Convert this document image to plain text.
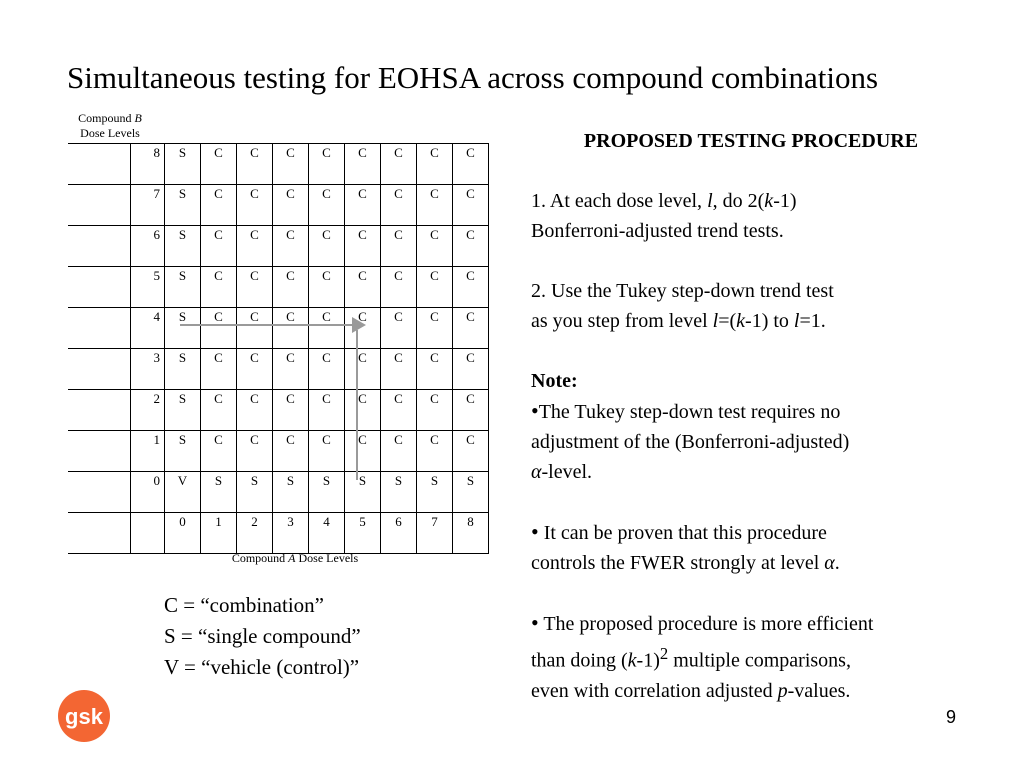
Simultaneous testing for EOHSA across compound combinations
Compound B
Dose Levels
	8	S	C	C	C	C	C	C	C	C
	7	S	C	C	C	C	C	C	C	C
	6	S	C	C	C	C	C	C	C	C
	5	S	C	C	C	C	C	C	C	C
	4	S	C	C	C	C	C	C	C	C
	3	S	C	C	C	C	C	C	C	C
	2	S	C	C	C	C	C	C	C	C
	1	S	C	C	C	C	C	C	C	C
	0	V	S	S	S	S	S	S	S	S
		0	1	2	3	4	5	6	7	8
Compound A Dose Levels
C = “combination”
S = “single compound”
V = “vehicle (control)”
PROPOSED TESTING PROCEDURE

1. At each dose level, l, do 2(k-1)
Bonferroni-adjusted trend tests.

2. Use the Tukey step-down trend test
as you step from level l=(k-1) to l=1.

Note:
•The Tukey step-down test requires no
adjustment of the (Bonferroni-adjusted)
α-level.
• It can be proven that this procedure
controls the FWER strongly at level α.
• The proposed procedure is more efficient
than doing $(k-1)^2$ multiple comparisons,
even with correlation adjusted p-values.
gsk	9
